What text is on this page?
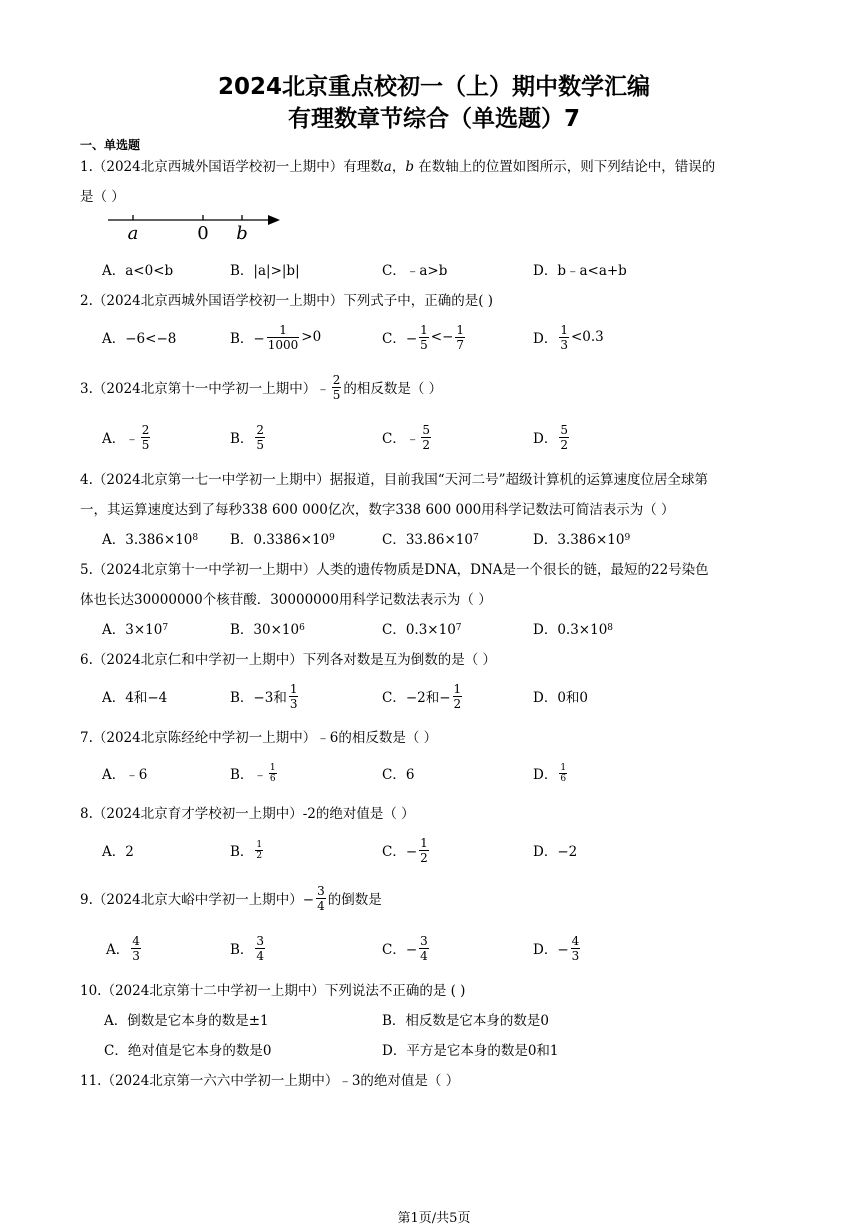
2024北京重点校初一（上）期中数学汇编
有理数章节综合（单选题）7
一、单选题
1.（2024北京西城外国语学校初一上期中）有理数a，b 在数轴上的位置如图所示，则下列结论中，错误的
是（ ）
a	0 b
A．a<0<b	B．|a|>|b|	C．﹣a>b	D．b﹣a<a+b
2.（2024北京西城外国语学校初一上期中）下列式子中，正确的是( )
A．−6<−8	B．− $\frac{1}{1000} >0$	C．− $\frac{1}{5} <- \frac{1}{7}$	D． $\frac{1}{3} <0.3$
3.（2024北京第十一中学初一上期中）﹣ $\frac{2}{5}$ 的相反数是（ ）
A．﹣ $\frac{2}{5}$	B． $\frac{2}{5}$	C．﹣ $\frac{5}{2}$	D． $\frac{5}{2}$
4.（2024北京第一七一中学初一上期中）据报道，目前我国“天河二号”超级计算机的运算速度位居全球第
一，其运算速度达到了每秒338 600 000亿次，数字338 600 000用科学记数法可简洁表示为（ ）
A．3.386×10 8 B．0.3386×10 9	C．33.86×10 7	D．3.386×10 9
5.（2024北京第十一中学初一上期中）人类的遗传物质是DNA，DNA是一个很长的链，最短的22号染色
体也长达30000000个核苷酸．30000000用科学记数法表示为（ ）
A．3×10 7	B．30×10 6	C．0.3×10 7	D．0.3×10 8
6.（2024北京仁和中学初一上期中）下列各对数是互为倒数的是（ ）
A．4和−4	B．−3和 $\frac{1}{3}$	C．−2和− $\frac{1}{2}$	D．0和0
7.（2024北京陈经纶中学初一上期中）﹣6的相反数是（ ）
A．﹣6	B．﹣ $\frac{1}{6}$	C．6	D． $\frac{1}{6}$
8.（2024北京育才学校初一上期中）-2的绝对值是（ ）
A．2	B． $\frac{1}{2}$	C．− $\frac{1}{2}$	D．−2
9.（2024北京大峪中学初一上期中）− $\frac{3}{4}$ 的倒数是
A． $\frac{4}{3}$	B． $\frac{3}{4}$	C．− $\frac{3}{4}$	D．− $\frac{4}{3}$
10.（2024北京第十二中学初一上期中）下列说法不正确的是 ( )
A．倒数是它本身的数是±1	B．相反数是它本身的数是0
C．绝对值是它本身的数是0	D．平方是它本身的数是0和1
11.（2024北京第一六六中学初一上期中）﹣3的绝对值是（ ）
第1页/共5页
